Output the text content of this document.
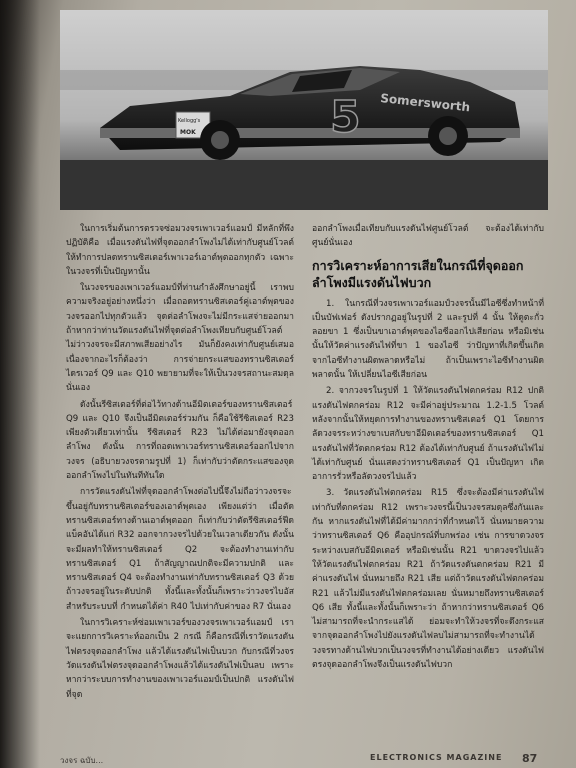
5 Somersworth
Kellogg's
MOK

ในการเริ่มต้นการตรวจซ่อมวงจรเพาเวอร์แอมป์ มีหลักที่พึงปฏิบัติคือ เมื่อแรงดันไฟที่จุดออกลำโพงไม่ได้เท่ากับศูนย์โวลต์ ให้ทำการปลดทรานซิสเตอร์เพาเวอร์เอาต์พุตออกทุกตัว เฉพาะในวงจรที่เป็นปัญหานั้น

ในวงจรของเพาเวอร์แอมป์ที่ท่านกำลังศึกษาอยู่นี้ เราพบความจริงอยู่อย่างหนึ่งว่า เมื่อถอดทรานซิสเตอร์คู่เอาต์พุตของวงจรออกไปทุกตัวแล้ว จุดต่อลำโพงจะไม่มีกระแสจ่ายออกมา ถ้าหากว่าท่านวัดแรงดันไฟที่จุดต่อลำโพงเทียบกับศูนย์โวลต์ ไม่ว่าวงจรจะมีสภาพเสียอย่างไร มันก็ยังคงเท่ากับศูนย์เสมอ เนื่องจากอะไรก็ต้องว่า การจ่ายกระแสของทรานซิสเตอร์ไดรเวอร์ Q9 และ Q10 พยายามที่จะให้เป็นวงจรสถานะสมดุลนั่นเอง

ดังนั้นรีซิสเตอร์ที่ต่อไว้ทางด้านอีมิตเตอร์ของทรานซิสเตอร์ Q9 และ Q10 จึงเป็นอีมิตเตอร์ร่วมกัน ก็คือใช้รีซิสเตอร์ R23 เพียงตัวเดียวเท่านั้น รีซิสเตอร์ R23 ไม่ได้ต่อมายังจุดออกลำโพง ดังนั้น การที่ถอดเพาเวอร์ทรานซิสเตอร์ออกไปจากวงจร (อธิบายวงจรตามรูปที่ 1) ก็เท่ากับว่าตัดกระแสของจุดออกลำโพงไปในทันทีทันใด

การวัดแรงดันไฟที่จุดออกลำโพงต่อไปนี้จึงไม่ถือว่าวงจรจะขึ้นอยู่กับทรานซิสเตอร์ของเอาต์พุตเอง เพียงแต่ว่า เมื่อตัดทรานซิสเตอร์ทางด้านเอาต์พุตออก ก็เท่ากับว่าตัดรีซิสเตอร์ฟีดแบ็คอันได้แก่ R32 ออกจากวงจรไปด้วยในเวลาเดียวกัน ดังนั้นจะมีผลทำให้ทรานซิสเตอร์ Q2 จะต้องทำงานเท่ากับทรานซิสเตอร์ Q1 ถ้าสัญญาณปกติจะมีความปกติ และทรานซิสเตอร์ Q4 จะต้องทำงานเท่ากับทรานซิสเตอร์ Q3 ด้วย ถ้าวงจรอยู่ในระดับปกติ ทั้งนี้และทั้งนั้นก็เพราะว่าวงจรไบอัสสำหรับระบบที่ กำหนดได้ค่า R40 ไปเท่ากับค่าของ R7 นั่นเอง

ในการวิเคราะห์ซ่อมเพาเวอร์ของวงจรเพาเวอร์แอมป์ เราจะแยกการวิเคราะห์ออกเป็น 2 กรณี ก็คือกรณีที่เราวัดแรงดันไฟตรงจุดออกลำโพง แล้วได้แรงดันไฟเป็นบวก กับกรณีที่วงจรวัดแรงดันไฟตรงจุดออกลำโพงแล้วได้แรงดันไฟเป็นลบ เพราะหากว่าระบบการทำงานของเพาเวอร์แอมป์เป็นปกติ แรงดันไฟที่จุด

ออกลำโพงเมื่อเทียบกับแรงดันไฟศูนย์โวลต์ จะต้องได้เท่ากับศูนย์นั่นเอง

การวิเคราะห์อาการเสียในกรณีที่จุดออกลำโพงมีแรงดันไฟบวก

1. ในกรณีที่วงจรเพาเวอร์แอมป์วงจรนั้นมีไอซีซึ่งทำหน้าที่เป็นบัฟเฟอร์ ดังปรากฏอยู่ในรูปที่ 2 และรูปที่ 4 นั้น ให้ดูตะกั่วลอยขา 1 ซึ่งเป็นขาเอาต์พุตของไอซีออกไปเสียก่อน หรือมิเช่นนั้นให้วัดค่าแรงดันไฟที่ขา 1 ของไอซี ว่าปัญหาที่เกิดขึ้นเกิดจากไอซีทำงานผิดพลาดหรือไม่ ถ้าเป็นเพราะไอซีทำงานผิดพลาดนั้น ให้เปลี่ยนไอซีเสียก่อน

2. จากวงจรในรูปที่ 1 ให้วัดแรงดันไฟตกคร่อม R12 ปกติแรงดันไฟตกคร่อม R12 จะมีค่าอยู่ประมาณ 1.2-1.5 โวลต์ หลังจากนั้นให้หยุดการทำงานของทรานซิสเตอร์ Q1 โดยการลัดวงจรระหว่างขาเบสกับขาอีมิตเตอร์ของทรานซิสเตอร์ Q1 แรงดันไฟที่วัดตกคร่อม R12 ต้องได้เท่ากับศูนย์ ถ้าแรงดันไฟไม่ได้เท่ากับศูนย์ นั่นแสดงว่าทรานซิสเตอร์ Q1 เป็นปัญหา เกิดอาการรั่วหรือลัดวงจรไปแล้ว

3. วัดแรงดันไฟตกคร่อม R15 ซึ่งจะต้องมีค่าแรงดันไฟเท่ากับที่ตกคร่อม R12 เพราะวงจรนี้เป็นวงจรสมดุลซึ่งกันและกัน หากแรงดันไฟที่ได้มีค่ามากกว่าที่กำหนดไว้ นั่นหมายความว่าทรานซิสเตอร์ Q6 คืออุปกรณ์ที่บกพร่อง เช่น การขาดวงจรระหว่างเบสกับอีมิตเตอร์ หรือมิเช่นนั้น R21 ขาดวงจรไปแล้ว ให้วัดแรงดันไฟตกคร่อม R21 ถ้าวัดแรงดันตกคร่อม R21 มีค่าแรงดันไฟ นั่นหมายถึง R21 เสีย แต่ถ้าวัดแรงดันไฟตกคร่อม R21 แล้วไม่มีแรงดันไฟตกคร่อมเลย นั่นหมายถึงทรานซิสเตอร์ Q6 เสีย ทั้งนี้และทั้งนั้นก็เพราะว่า ถ้าหากว่าทรานซิสเตอร์ Q6 ไม่สามารถที่จะนำกระแสได้ ย่อมจะทำให้วงจรที่จะดึงกระแสจากจุดออกลำโพงไปยังแรงดันไฟลบไม่สามารถที่จะทำงานได้ วงจรทางด้านไฟบวกเป็นวงจรที่ทำงานได้อย่างเดียว แรงดันไฟตรงจุดออกลำโพงจึงเป็นแรงดันไฟบวก

วงจร ฉบับ...	ELECTRONICS MAGAZINE 87
